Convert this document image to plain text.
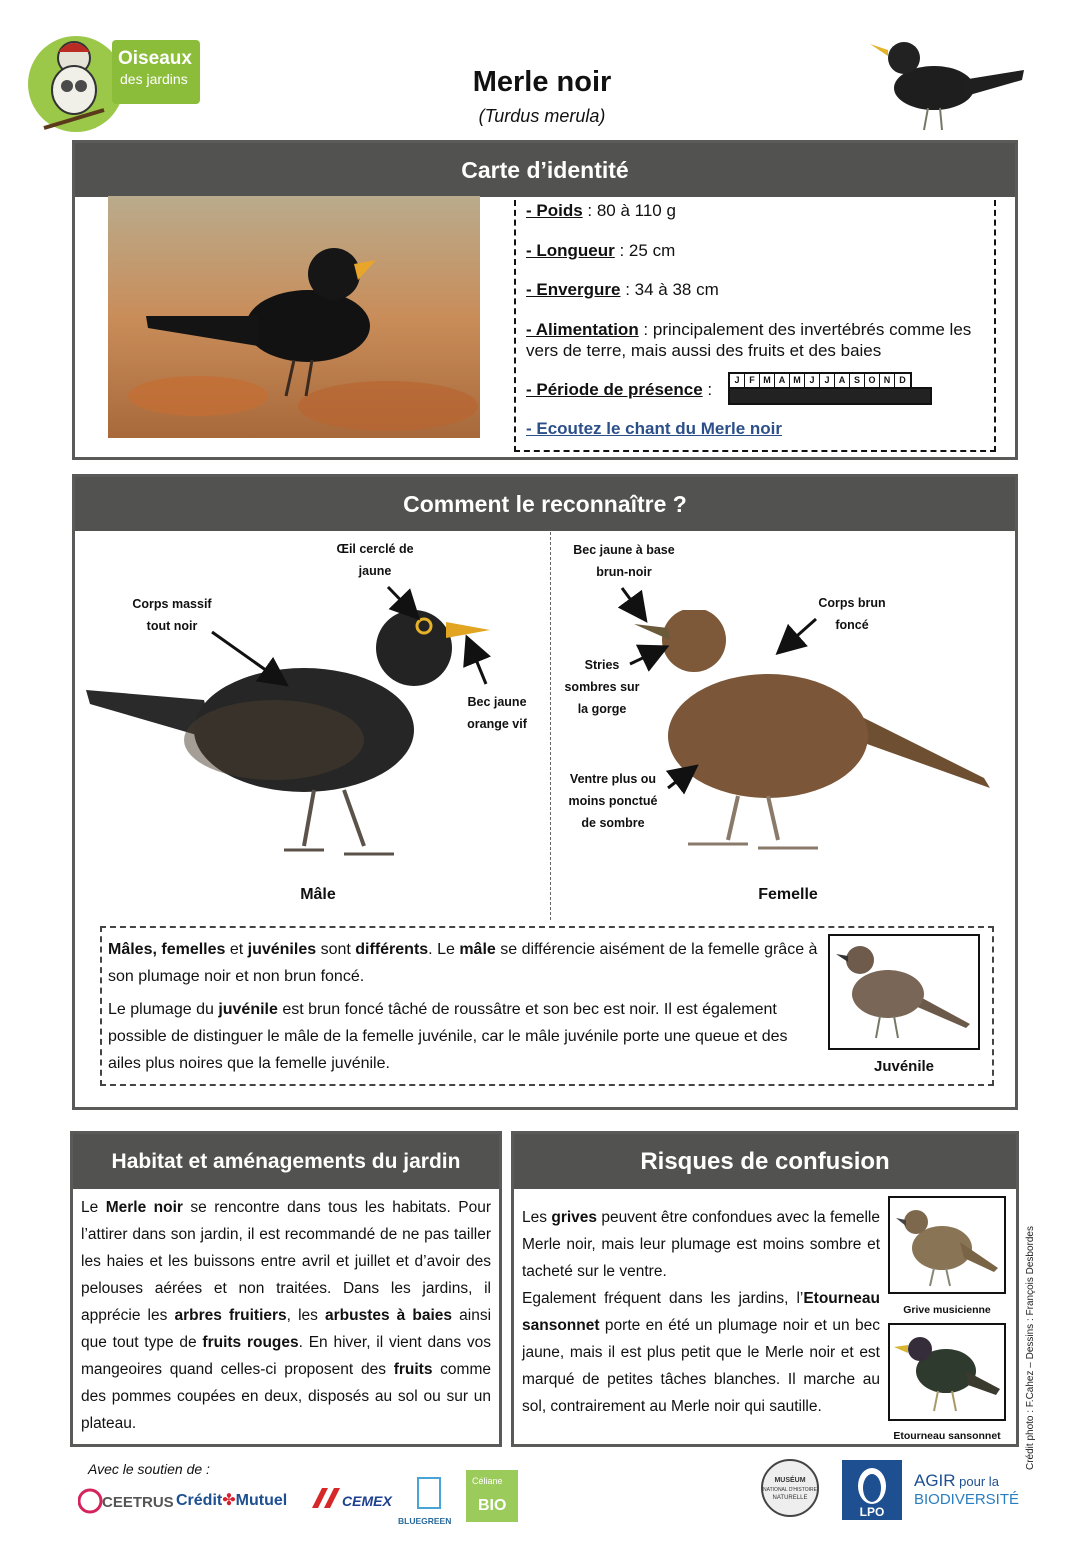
Oiseaux
des jardins	Merle noir
(Turdus merula)
Carte d’identité
- Poids : 80 à 110 g
- Longueur : 25 cm
- Envergure : 34 à 38 cm
- Alimentation : principalement des invertébrés comme les vers de terre, mais aussi des fruits et des baies
- Période de présence :	J	F M A M J	J	A S O N	D
- Ecoutez le chant du Merle noir
Comment le reconnaître ?
Œil cerclé de
jaune
Corps massif
tout noir
Bec jaune
orange vif
Bec jaune à base
brun-noir
Corps brun
foncé
Stries
sombres sur
la gorge
Ventre plus ou
moins ponctué
de sombre
Mâle	Femelle

Mâles, femelles et juvéniles sont différents. Le mâle se différencie aisément de la femelle grâce à son plumage noir et non brun foncé.

Le plumage du juvénile est brun foncé tâché de roussâtre et son bec est noir. Il est également possible de distinguer le mâle de la femelle juvénile, car le mâle juvénile porte une queue et des ailes plus noires que la femelle juvénile.	Juvénile
Habitat et aménagements du jardin
Le Merle noir se rencontre dans tous les habitats. Pour l’attirer dans son jardin, il est recommandé de ne pas tailler les haies et les buissons entre avril et juillet et d’avoir des pelouses aérées et non traitées. Dans les jardins, il apprécie les arbres fruitiers, les arbustes à baies ainsi que tout type de fruits rouges. En hiver, il vient dans vos mangeoires quand celles-ci proposent des fruits comme des pommes coupées en deux, disposés au sol ou sur un plateau.
Risques de confusion
Les grives peuvent être confondues avec la femelle Merle noir, mais leur plumage est moins sombre et tacheté sur le ventre.
Egalement fréquent dans les jardins, l’Etourneau sansonnet porte en été un plumage noir et un bec jaune, mais il est plus petit que le Merle noir et est marqué de petites tâches blanches. Il marche au sol, contrairement au Merle noir qui sautille.
Grive musicienne
Etourneau sansonnet	Crédit photo : F.Cahez – Dessins : François Desbordes
Avec le soutien de :
CEETRUS Crédit✤Mutuel	CEMEX
BLUEGREEN
Céliane
BIO
MUSÉUM
NATIONAL D'HISTOIRE
NATURELLE
LPO
AGIR pour la
BIODIVERSITÉ
